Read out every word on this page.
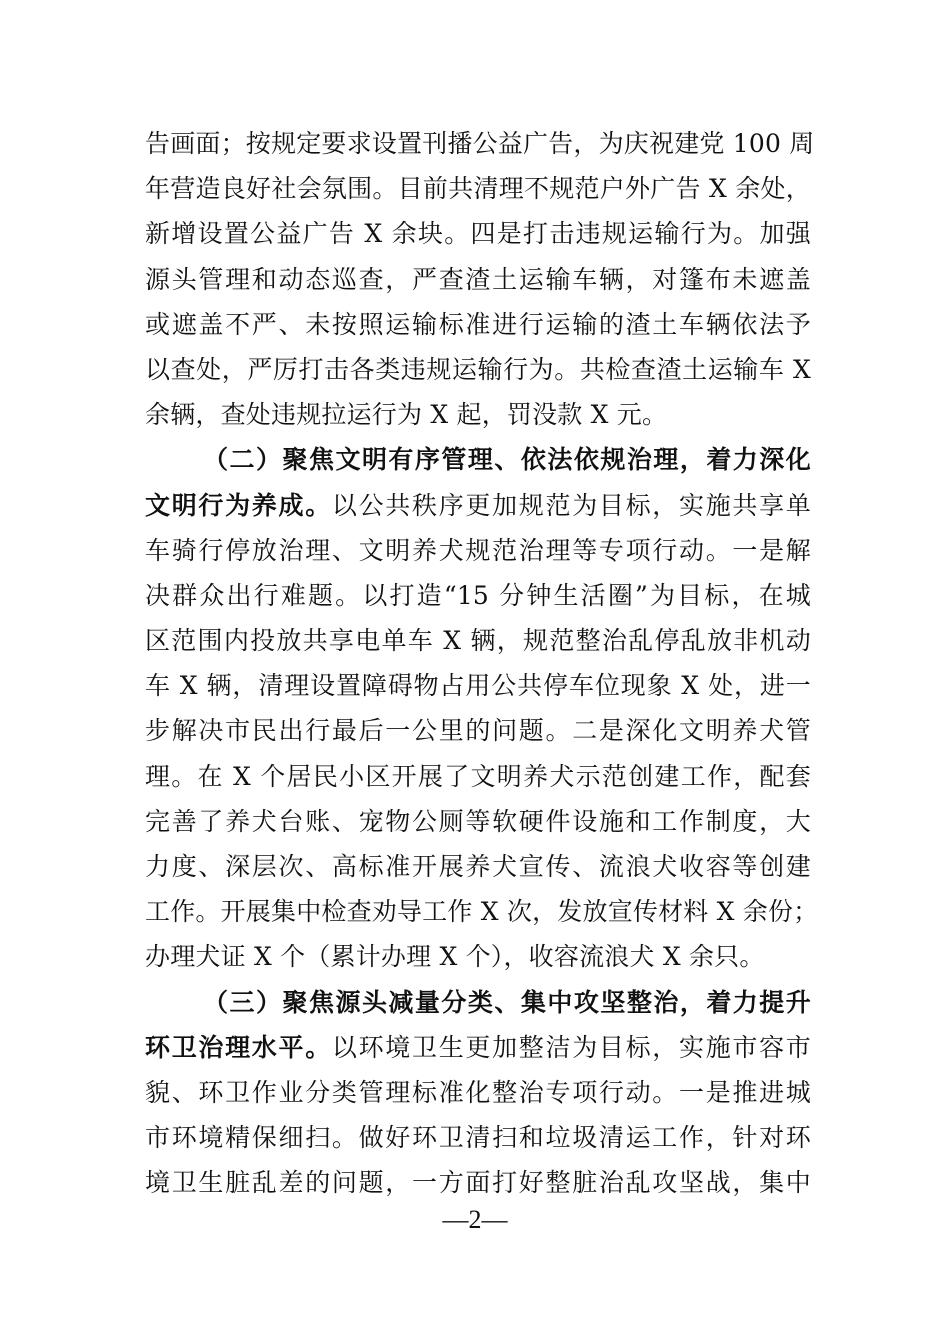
告画面；按规定要求设置刊播公益广告，为庆祝建党 100 周
年营造良好社会氛围。目前共清理不规范户外广告 X 余处，
新增设置公益广告 X 余块。四是打击违规运输行为。加强
源头管理和动态巡查，严查渣土运输车辆，对篷布未遮盖
或遮盖不严、未按照运输标准进行运输的渣土车辆依法予
以查处，严厉打击各类违规运输行为。共检查渣土运输车 X
余辆，查处违规拉运行为 X 起，罚没款 X 元。
（二）聚焦文明有序管理、依法依规治理，着力深化
文明行为养成。以公共秩序更加规范为目标，实施共享单
车骑行停放治理、文明养犬规范治理等专项行动。一是解
决群众出行难题。以打造“15 分钟生活圈”为目标，在城
区范围内投放共享电单车 X 辆，规范整治乱停乱放非机动
车 X 辆，清理设置障碍物占用公共停车位现象 X 处，进一
步解决市民出行最后一公里的问题。二是深化文明养犬管
理。在 X 个居民小区开展了文明养犬示范创建工作，配套
完善了养犬台账、宠物公厕等软硬件设施和工作制度，大
力度、深层次、高标准开展养犬宣传、流浪犬收容等创建
工作。开展集中检查劝导工作 X 次，发放宣传材料 X 余份；
办理犬证 X 个（累计办理 X 个），收容流浪犬 X 余只。
（三）聚焦源头减量分类、集中攻坚整治，着力提升
环卫治理水平。以环境卫生更加整洁为目标，实施市容市
貌、环卫作业分类管理标准化整治专项行动。一是推进城
市环境精保细扫。做好环卫清扫和垃圾清运工作，针对环
境卫生脏乱差的问题，一方面打好整脏治乱攻坚战，集中
—2—
